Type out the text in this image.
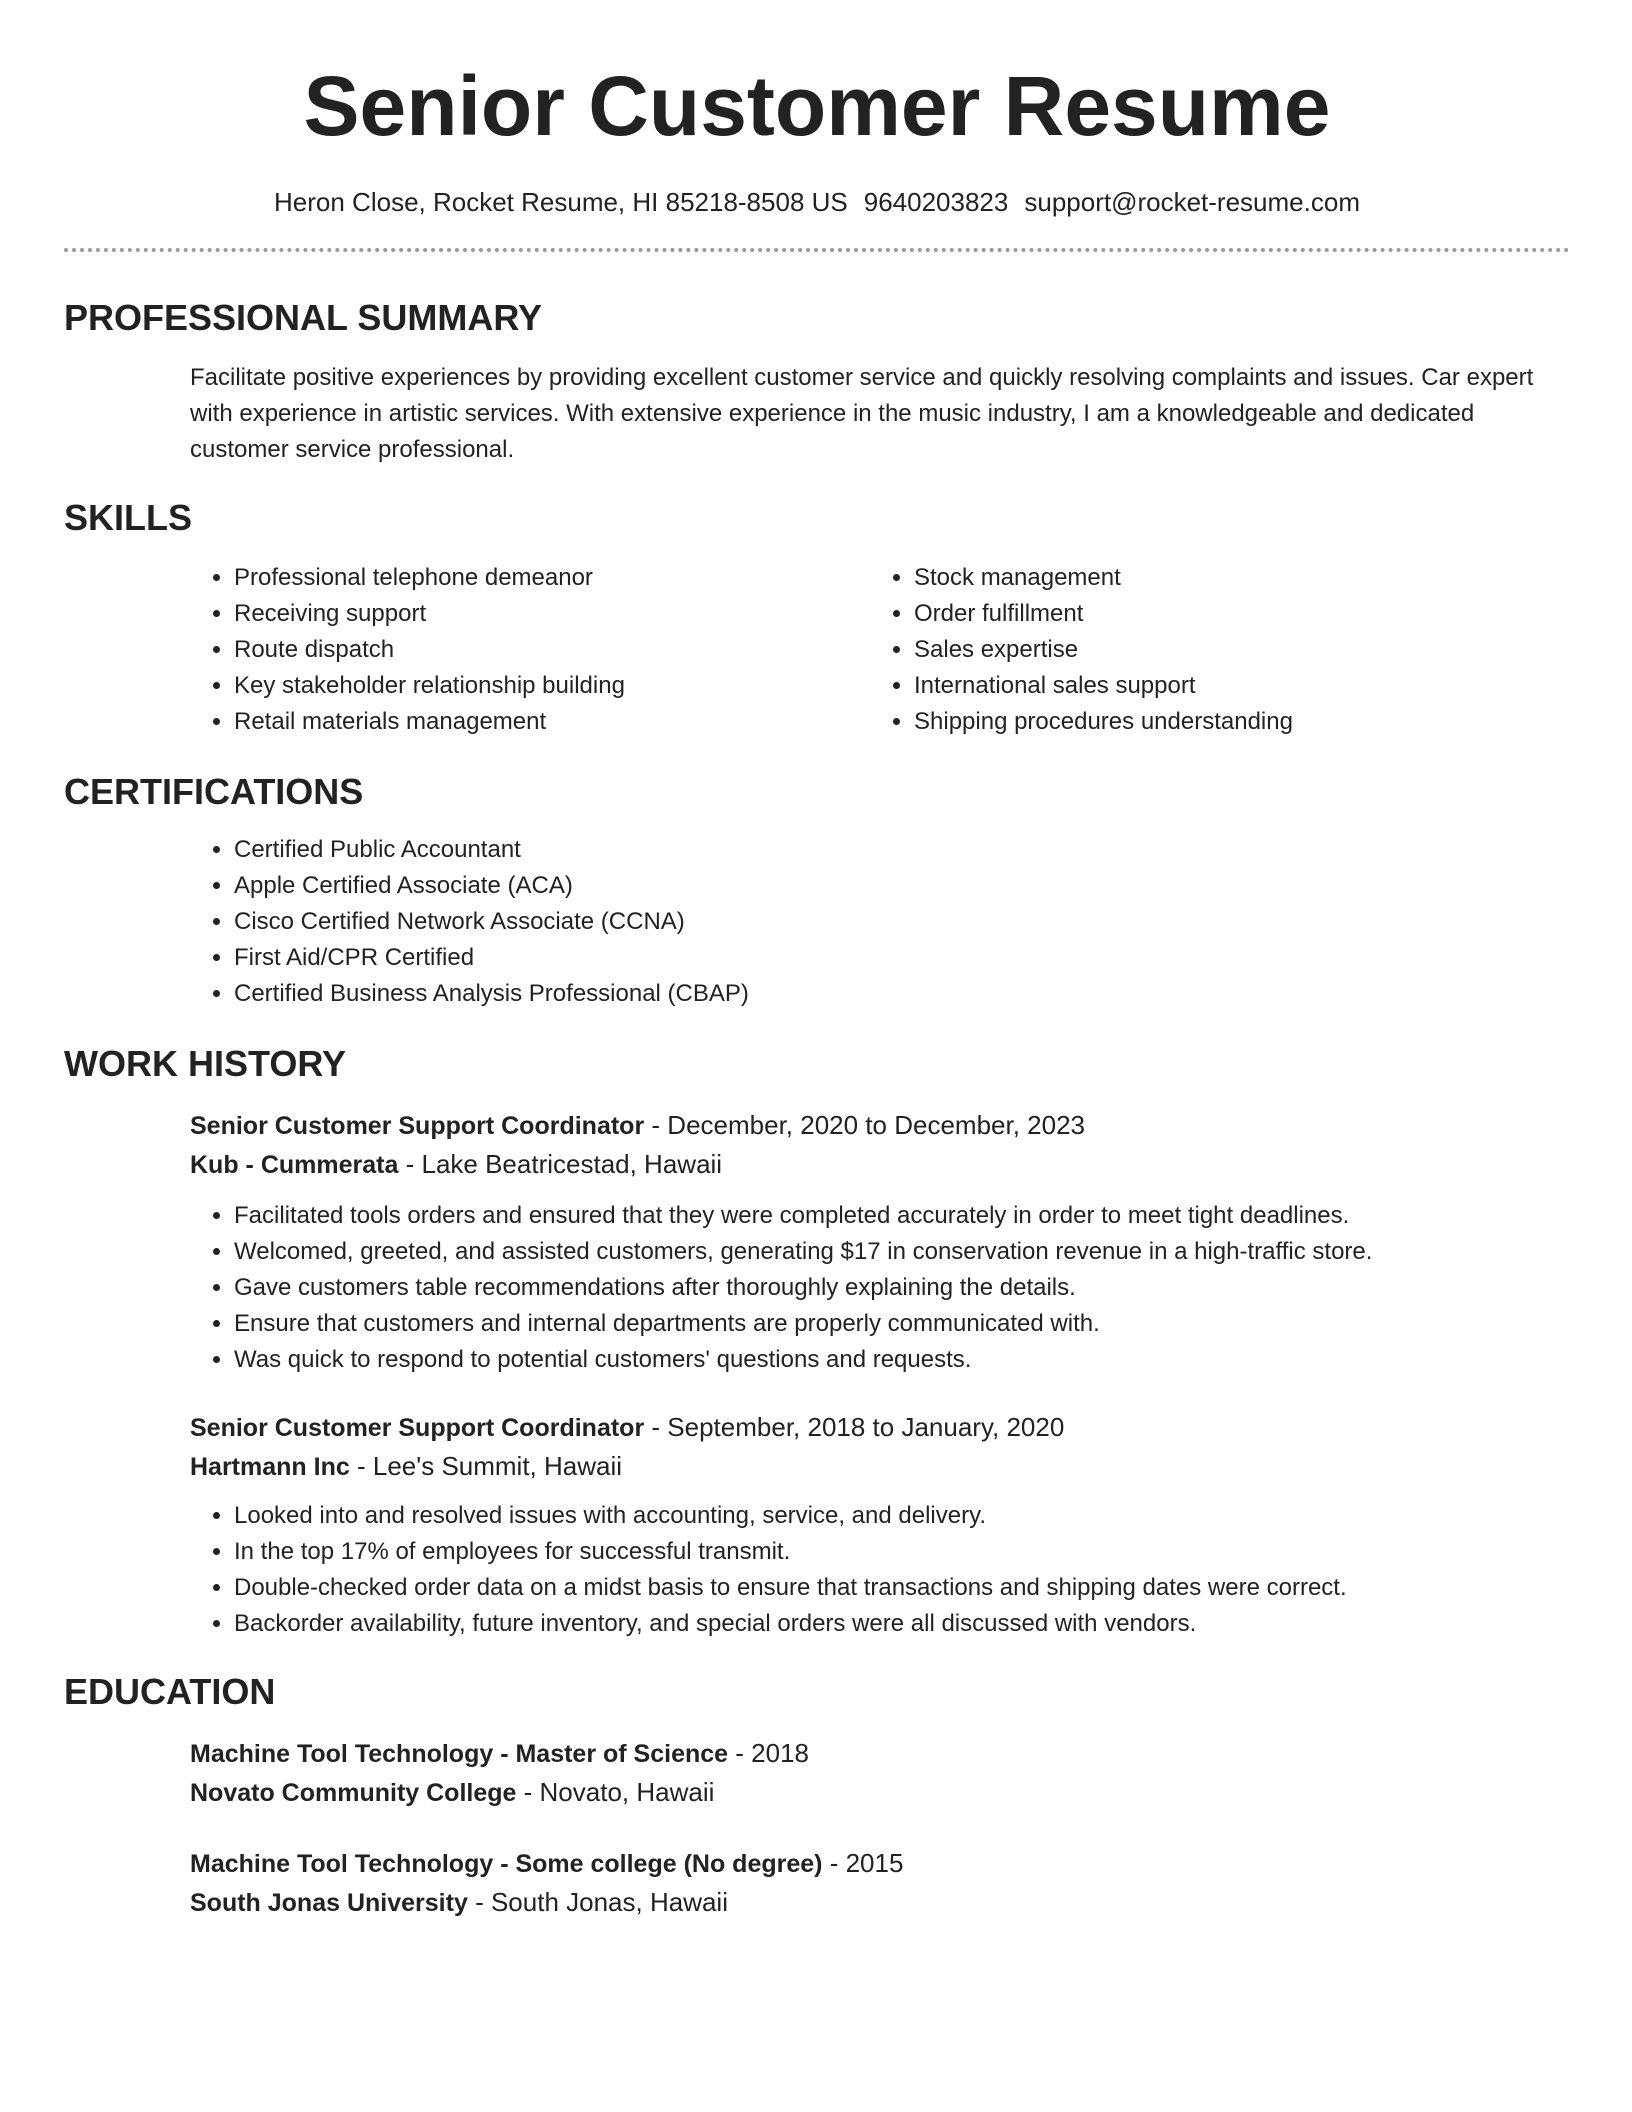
Senior Customer Resume
Heron Close, Rocket Resume, HI 85218-8508 US 9640203823 support@rocket-resume.com
PROFESSIONAL SUMMARY
Facilitate positive experiences by providing excellent customer service and quickly resolving complaints and issues. Car expert with experience in artistic services. With extensive experience in the music industry, I am a knowledgeable and dedicated customer service professional.
SKILLS
• Professional telephone demeanor
• Receiving support
• Route dispatch
• Key stakeholder relationship building
• Retail materials management
• Stock management
• Order fulfillment
• Sales expertise
• International sales support
• Shipping procedures understanding
CERTIFICATIONS
• Certified Public Accountant
• Apple Certified Associate (ACA)
• Cisco Certified Network Associate (CCNA)
• First Aid/CPR Certified
• Certified Business Analysis Professional (CBAP)
WORK HISTORY
Senior Customer Support Coordinator - December, 2020 to December, 2023
Kub - Cummerata - Lake Beatricestad, Hawaii
• Facilitated tools orders and ensured that they were completed accurately in order to meet tight deadlines.
• Welcomed, greeted, and assisted customers, generating $17 in conservation revenue in a high-traffic store.
• Gave customers table recommendations after thoroughly explaining the details.
• Ensure that customers and internal departments are properly communicated with.
• Was quick to respond to potential customers' questions and requests.
Senior Customer Support Coordinator - September, 2018 to January, 2020
Hartmann Inc - Lee's Summit, Hawaii
• Looked into and resolved issues with accounting, service, and delivery.
• In the top 17% of employees for successful transmit.
• Double-checked order data on a midst basis to ensure that transactions and shipping dates were correct.
• Backorder availability, future inventory, and special orders were all discussed with vendors.
EDUCATION
Machine Tool Technology - Master of Science - 2018
Novato Community College - Novato, Hawaii
Machine Tool Technology - Some college (No degree) - 2015
South Jonas University - South Jonas, Hawaii
